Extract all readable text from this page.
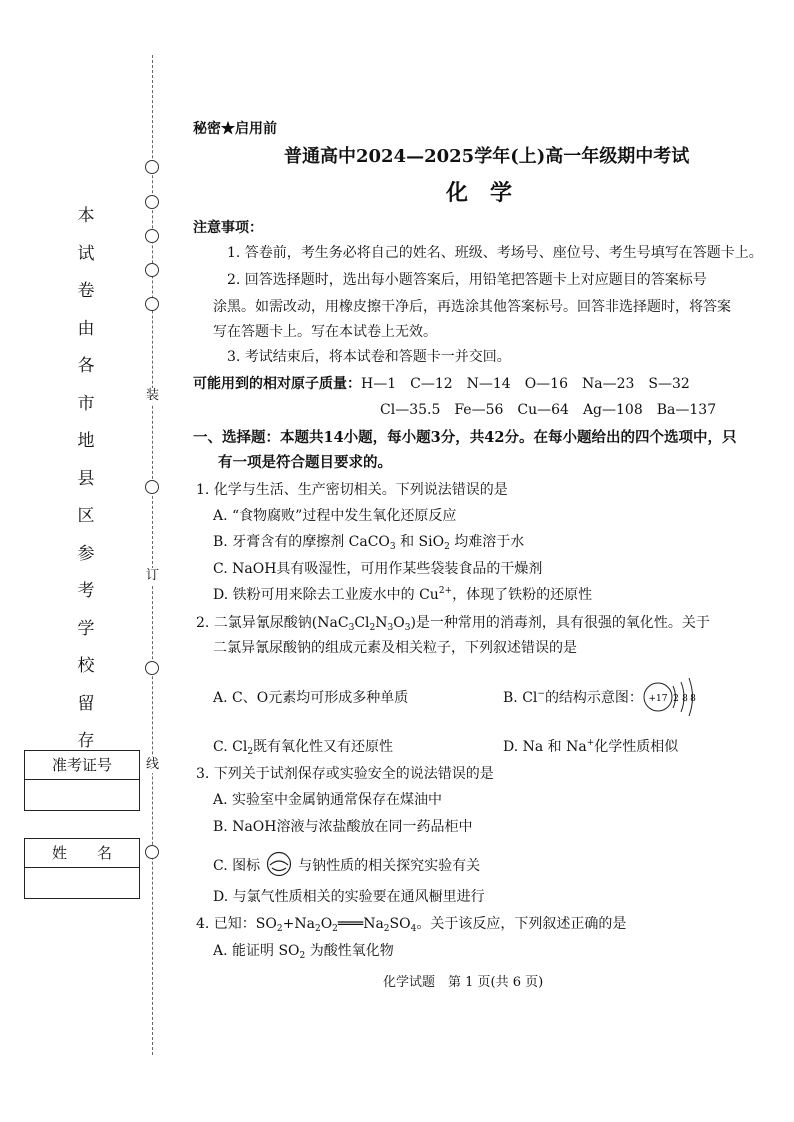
装
订
线
本
试
卷
由
各
市
地
县
区
参
考
学
校
留
存
准考证号
姓　　名
秘密★启用前
普通高中2024—2025学年(上)高一年级期中考试
化　学
注意事项：
1. 答卷前，考生务必将自己的姓名、班级、考场号、座位号、考生号填写在答题卡上。
2. 回答选择题时，选出每小题答案后，用铅笔把答题卡上对应题目的答案标号
涂黑。如需改动，用橡皮擦干净后，再选涂其他答案标号。回答非选择题时，将答案
写在答题卡上。写在本试卷上无效。
3. 考试结束后，将本试卷和答题卡一并交回。
可能用到的相对原子质量：H—1　C—12　N—14　O—16　Na—23　S—32
Cl—35.5　Fe—56　Cu—64　Ag—108　Ba—137
一、选择题：本题共14小题，每小题3分，共42分。在每小题给出的四个选项中，只
有一项是符合题目要求的。
1. 化学与生活、生产密切相关。下列说法错误的是
A. “食物腐败”过程中发生氧化还原反应
B. 牙膏含有的摩擦剂 CaCO$_3$ 和 SiO$_2$ 均难溶于水
C. NaOH具有吸湿性，可用作某些袋装食品的干燥剂
D. 铁粉可用来除去工业废水中的 $Cu^{2+}$，体现了铁粉的还原性
2. 二氯异氰尿酸钠$(NaC_3Cl_2N_3O_3)$是一种常用的消毒剂，具有很强的氧化性。关于
二氯异氰尿酸钠的组成元素及相关粒子，下列叙述错误的是
A. C、O元素均可形成多种单质	B. Cl−的结构示意图： +17 2 8 8
C. $Cl_2$既有氧化性又有还原性	D. Na 和 Na+化学性质相似
3. 下列关于试剂保存或实验安全的说法错误的是
A. 实验室中金属钠通常保存在煤油中
B. NaOH溶液与浓盐酸放在同一药品柜中
C. 图标	与钠性质的相关探究实验有关
D. 与氯气性质相关的实验要在通风橱里进行
4. 已知：$SO_2+Na_2O_2═══Na_2SO_4$。关于该反应，下列叙述正确的是
A. 能证明 $SO_2$ 为酸性氧化物
化学试题　第 1 页(共 6 页)
